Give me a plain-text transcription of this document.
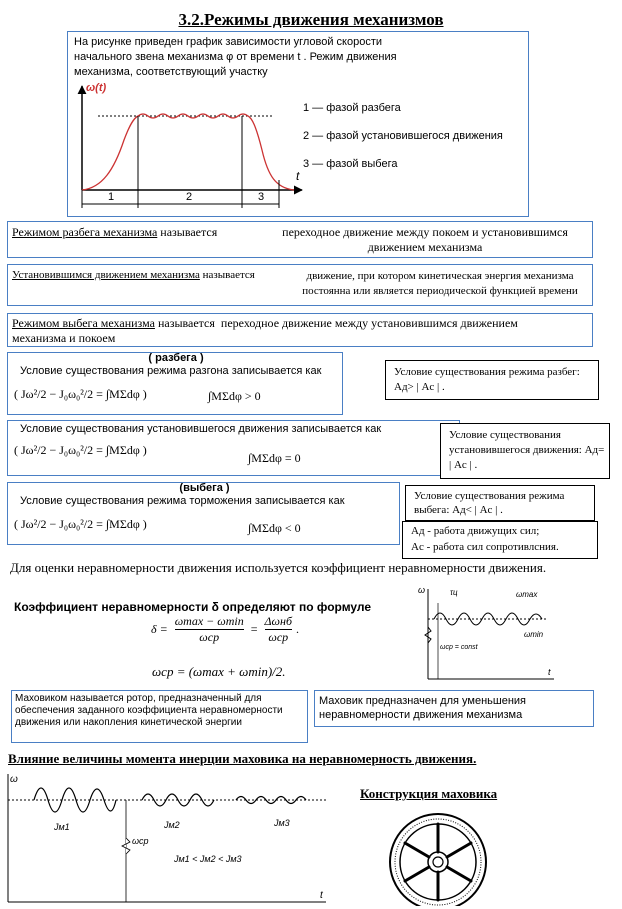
3.2.Режимы движения механизмов
На рисунке приведен график зависимости угловой скорости начального звена механизма φ от времени t . Режим движения механизма, соответствующий участку
1	2	3
ω(t)
t
1 — фазой разбега
2 — фазой установившегося движения
3 — фазой выбега
Режимом разбега механизма называется	переходное движение между покоем и установившимся движением механизма
Установившимся движением механизма называется	движение, при котором кинетическая энергия механизма постоянна или является периодической функцией времени
Режимом выбега механизма называется переходное движение между установившимся движением механизма и покоем
( разбега )
Условие существования режима разгона записывается как
( Jω²/2 − J₀ω₀²/2 = ∫MΣdφ )	∫MΣdφ > 0
Условие существования режима разбег: Aд> | Ac | .
Условие существования установившегося движения записывается как
( Jω²/2 − J₀ω₀²/2 = ∫MΣdφ )
∫MΣdφ = 0
Условие существования установившегося движения: Aд= | Ac | .
(выбега )
Условие существования режима торможения записывается как
( Jω²/2 − J₀ω₀²/2 = ∫MΣdφ )	∫MΣdφ < 0
Условие существования режима выбега: Aд< | Ac | .
Aд - работа движущих сил;
Ac - работа сил сопротивлсния.
Для оценки неравномерности движения используется коэффициент неравномерности движения.
Коэффициент неравномерности δ определяют по формуле
δ =	
ωmax − ωmin
ωср
	=	
Δωнб
ωср
	.
ωср = (ωmax + ωmin)/2.
ω
t
τц	ωmax
ωmin
ωср = const
Маховиком называется ротор, предназначенный для обеспечения заданного коэффициента неравномерности движения или накопления кинетической энергии
Маховик предназначен для уменьшения неравномерности движения механизма
Влияние величины момента инерции маховика на неравномерность движения.
ω
t
Jм1	Jм2	Jм3
ωср
Jм1 < Jм2 < Jм3
Конструкция маховика
